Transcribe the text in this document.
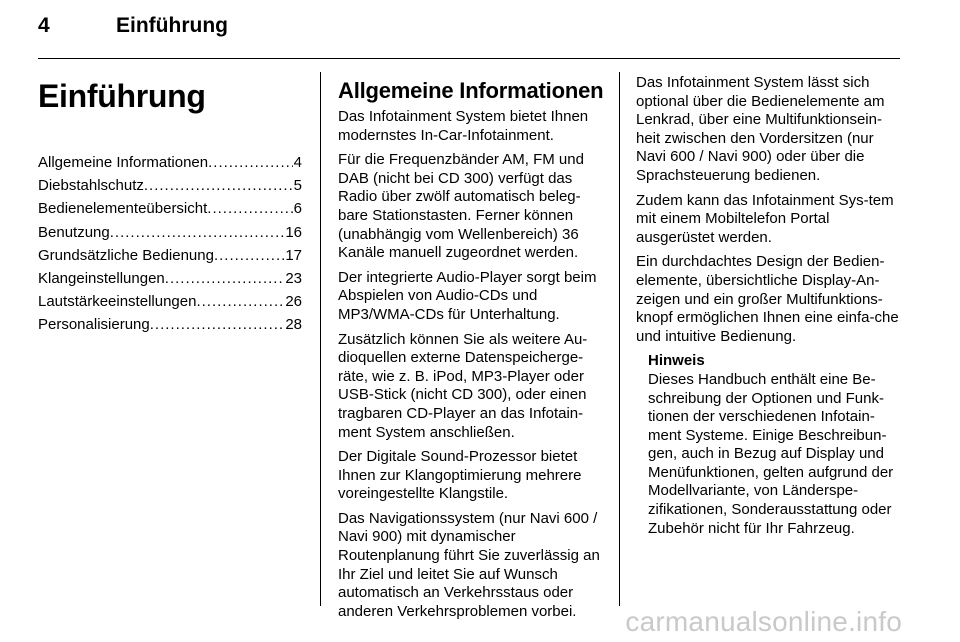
4	Einführung
Einführung
Allgemeine Informationen .....	4
Diebstahlschutz .....	5
Bedienelementeübersicht .....	6
Benutzung .....	16
Grundsätzliche Bedienung .....	17
Klangeinstellungen .....	23
Lautstärkeeinstellungen .....	26
Personalisierung .....	28
Allgemeine Informationen

Das Infotainment System bietet Ihnen modernstes In-Car-Infotainment.

Für die Frequenzbänder AM, FM und DAB (nicht bei CD 300) verfügt das Radio über zwölf automatisch beleg-bare Stationstasten. Ferner können (unabhängig vom Wellenbereich) 36 Kanäle manuell zugeordnet werden.

Der integrierte Audio-Player sorgt beim Abspielen von Audio-CDs und MP3/WMA-CDs für Unterhaltung.

Zusätzlich können Sie als weitere Au-dioquellen externe Datenspeicherge-räte, wie z. B. iPod, MP3-Player oder USB-Stick (nicht CD 300), oder einen tragbaren CD-Player an das Infotain-ment System anschließen.

Der Digitale Sound-Prozessor bietet Ihnen zur Klangoptimierung mehrere voreingestellte Klangstile.

Das Navigationssystem (nur Navi 600 / Navi 900) mit dynamischer Routenplanung führt Sie zuverlässig an Ihr Ziel und leitet Sie auf Wunsch automatisch an Verkehrsstaus oder anderen Verkehrsproblemen vorbei.

Das Infotainment System lässt sich optional über die Bedienelemente am Lenkrad, über eine Multifunktionsein-heit zwischen den Vordersitzen (nur Navi 600 / Navi 900) oder über die Sprachsteuerung bedienen.

Zudem kann das Infotainment Sys-tem mit einem Mobiltelefon Portal ausgerüstet werden.

Ein durchdachtes Design der Bedien-elemente, übersichtliche Display-An-zeigen und ein großer Multifunktions-knopf ermöglichen Ihnen eine einfa-che und intuitive Bedienung.

Hinweis
Dieses Handbuch enthält eine Be-schreibung der Optionen und Funk-tionen der verschiedenen Infotain-ment Systeme. Einige Beschreibun-gen, auch in Bezug auf Display und Menüfunktionen, gelten aufgrund der Modellvariante, von Länderspe-zifikationen, Sonderausstattung oder Zubehör nicht für Ihr Fahrzeug.
carmanualsonline.info
